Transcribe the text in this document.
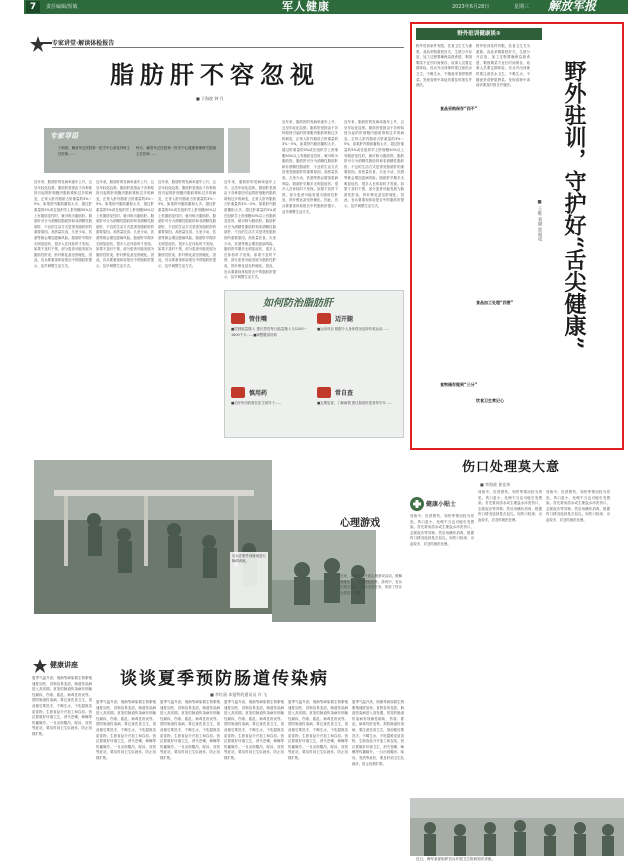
7	责任编辑/贺敏	军人健康	2023年6月28日	星期三 解放军报
专家讲堂·解读体检报告
脂肪肝不容忽视
■ 于海波 钟 月
专家导语
下海波，解放军总医院第一医学中心消化内科主任医师……
钟月，解放军总医院第一医学中心健康管理研究院副主任医师……
近年来，脂肪肝的发病率逐年上升，且呈年轻化趋势。脂肪肝是指由于各种原因引起的肝细胞内脂肪堆积过多的病变，正常人肝内脂肪占肝重量的3%～5%，如果肝内脂肪蓄积太多，超过肝重量的5%或在组织学上肝细胞50%以上有脂肪变性时，就可称为脂肪肝。脂肪肝可分为酒精性脂肪肝和非酒精性脂肪肝，不良的生活方式是诱发脂肪肝的重要原因。高热量饮食、久坐少动、饮酒等都会增加患病风险。脂肪肝早期多无明显症状，很多人在体检时才发现。如果不及时干预，部分患者可能发展为脂肪性肝炎、肝纤维化甚至肝硬化。因此，官兵要重视体检报告中的脂肪肝提示，及早调整生活方式。
近年来，脂肪肝的发病率逐年上升，且呈年轻化趋势。脂肪肝是指由于各种原因引起的肝细胞内脂肪堆积过多的病变，正常人肝内脂肪占肝重量的3%～5%，如果肝内脂肪蓄积太多，超过肝重量的5%或在组织学上肝细胞50%以上有脂肪变性时，就可称为脂肪肝。脂肪肝可分为酒精性脂肪肝和非酒精性脂肪肝，不良的生活方式是诱发脂肪肝的重要原因。高热量饮食、久坐少动、饮酒等都会增加患病风险。脂肪肝早期多无明显症状，很多人在体检时才发现。如果不及时干预，部分患者可能发展为脂肪性肝炎、肝纤维化甚至肝硬化。因此，官兵要重视体检报告中的脂肪肝提示，及早调整生活方式。
近年来，脂肪肝的发病率逐年上升，且呈年轻化趋势。脂肪肝是指由于各种原因引起的肝细胞内脂肪堆积过多的病变，正常人肝内脂肪占肝重量的3%～5%，如果肝内脂肪蓄积太多，超过肝重量的5%或在组织学上肝细胞50%以上有脂肪变性时，就可称为脂肪肝。脂肪肝可分为酒精性脂肪肝和非酒精性脂肪肝，不良的生活方式是诱发脂肪肝的重要原因。高热量饮食、久坐少动、饮酒等都会增加患病风险。脂肪肝早期多无明显症状，很多人在体检时才发现。如果不及时干预，部分患者可能发展为脂肪性肝炎、肝纤维化甚至肝硬化。因此，官兵要重视体检报告中的脂肪肝提示，及早调整生活方式。
近年来，脂肪肝的发病率逐年上升，且呈年轻化趋势。脂肪肝是指由于各种原因引起的肝细胞内脂肪堆积过多的病变，正常人肝内脂肪占肝重量的3%～5%，如果肝内脂肪蓄积太多，超过肝重量的5%或在组织学上肝细胞50%以上有脂肪变性时，就可称为脂肪肝。脂肪肝可分为酒精性脂肪肝和非酒精性脂肪肝，不良的生活方式是诱发脂肪肝的重要原因。高热量饮食、久坐少动、饮酒等都会增加患病风险。脂肪肝早期多无明显症状，很多人在体检时才发现。如果不及时干预，部分患者可能发展为脂肪性肝炎、肝纤维化甚至肝硬化。因此，官兵要重视体检报告中的脂肪肝提示，及早调整生活方式。
近年来，脂肪肝的发病率逐年上升，且呈年轻化趋势。脂肪肝是指由于各种原因引起的肝细胞内脂肪堆积过多的病变，正常人肝内脂肪占肝重量的3%～5%，如果肝内脂肪蓄积太多，超过肝重量的5%或在组织学上肝细胞50%以上有脂肪变性时，就可称为脂肪肝。脂肪肝可分为酒精性脂肪肝和非酒精性脂肪肝，不良的生活方式是诱发脂肪肝的重要原因。高热量饮食、久坐少动、饮酒等都会增加患病风险。脂肪肝早期多无明显症状，很多人在体检时才发现。如果不及时干预，部分患者可能发展为脂肪性肝炎、肝纤维化甚至肝硬化。因此，官兵要重视体检报告中的脂肪肝提示，及早调整生活方式。
近年来，脂肪肝的发病率逐年上升，且呈年轻化趋势。脂肪肝是指由于各种原因引起的肝细胞内脂肪堆积过多的病变，正常人肝内脂肪占肝重量的3%～5%，如果肝内脂肪蓄积太多，超过肝重量的5%或在组织学上肝细胞50%以上有脂肪变性时，就可称为脂肪肝。脂肪肝可分为酒精性脂肪肝和非酒精性脂肪肝，不良的生活方式是诱发脂肪肝的重要原因。高热量饮食、久坐少动、饮酒等都会增加患病风险。脂肪肝早期多无明显症状，很多人在体检时才发现。如果不及时干预，部分患者可能发展为脂肪性肝炎、肝纤维化甚至肝硬化。因此，官兵要重视体检报告中的脂肪肝提示，及早调整生活方式。
如何防治脂肪肝
管住嘴
■控制能量摄入 建议男性每日能量摄入为1200～1600千卡……■调整膳食结构
迈开腿
■运动项目 根据个人身体情况选择有氧运动……
慎用药
■治疗所用药需在医生指导下……
常自查
■定期复查，了解病情 建议脂肪肝患者每半年……
野外驻训健康谈②
野外驻训条件有限，饮食卫生尤为重要。食品采购要把好关，生熟分开存放，加工过程要确保烧熟煮透，剩饭剩菜不宜长时间保存，炊事人员要定期体检。官兵外出训练时要注意饮水卫生，不喝生水，不随意采食野果野菜。发现食物中毒症状要及时报告并就医。
野外驻训条件有限，饮食卫生尤为重要。食品采购要把好关，生熟分开存放，加工过程要确保烧熟煮透，剩饭剩菜不宜长时间保存，炊事人员要定期体检。官兵外出训练时要注意饮水卫生，不喝生水，不随意采食野果野菜。发现食物中毒症状要及时报告并就医。
食品采购保存“四不”
食品加工处理“四要”
食物储存做到“三分”
饮食卫生常记心
野外驻训，守护好“舌尖健康”
■ 王维 刘晓 郑福成
官兵在野外训练场进行障碍训练。
心理游戏
近来，某部官兵开展心理游戏活动，缓解训练压力，促进团队协作。游戏中，官兵们相互配合、共同完成任务，收获了快乐也增进了感情。
伤口处理莫大意
■ 李海波 崔佳伟
健康小贴士
训练中，皮肤擦伤、划伤等情况较为常见。伤口虽小，处理不当也可能引发感染。首先要用清水或生理盐水冲洗伤口，去除泥沙等异物；然后用碘伏消毒，根据伤口情况选择是否包扎。如伤口较深、出血较多，应及时就医处理。
训练中，皮肤擦伤、划伤等情况较为常见。伤口虽小，处理不当也可能引发感染。首先要用清水或生理盐水冲洗伤口，去除泥沙等异物；然后用碘伏消毒，根据伤口情况选择是否包扎。如伤口较深、出血较多，应及时就医处理。
训练中，皮肤擦伤、划伤等情况较为常见。伤口虽小，处理不当也可能引发感染。首先要用清水或生理盐水冲洗伤口，去除泥沙等异物；然后用碘伏消毒，根据伤口情况选择是否包扎。如伤口较深、出血较多，应及时就医处理。
健康讲座
谈谈夏季预防肠道传染病
■ 李红丽 本报特约通讯员 许 飞
夏季气温升高，细菌等病原微生物繁殖速度加快，食物容易变质，肠道传染病进入高发期。常见的肠道传染病有细菌性痢疾、伤寒、霍乱、病毒性肝炎等。预防肠道传染病，要注意饮食卫生，饭前便后要洗手，不喝生水，不吃腐败变质食物，生熟食品分开加工和存放。营区要做好环境卫生，消灭苍蝇、蟑螂等传播媒介。一旦出现腹泻、呕吐、发热等症状，要及时到卫生队就诊，防止疫情扩散。
夏季气温升高，细菌等病原微生物繁殖速度加快，食物容易变质，肠道传染病进入高发期。常见的肠道传染病有细菌性痢疾、伤寒、霍乱、病毒性肝炎等。预防肠道传染病，要注意饮食卫生，饭前便后要洗手，不喝生水，不吃腐败变质食物，生熟食品分开加工和存放。营区要做好环境卫生，消灭苍蝇、蟑螂等传播媒介。一旦出现腹泻、呕吐、发热等症状，要及时到卫生队就诊，防止疫情扩散。
夏季气温升高，细菌等病原微生物繁殖速度加快，食物容易变质，肠道传染病进入高发期。常见的肠道传染病有细菌性痢疾、伤寒、霍乱、病毒性肝炎等。预防肠道传染病，要注意饮食卫生，饭前便后要洗手，不喝生水，不吃腐败变质食物，生熟食品分开加工和存放。营区要做好环境卫生，消灭苍蝇、蟑螂等传播媒介。一旦出现腹泻、呕吐、发热等症状，要及时到卫生队就诊，防止疫情扩散。
夏季气温升高，细菌等病原微生物繁殖速度加快，食物容易变质，肠道传染病进入高发期。常见的肠道传染病有细菌性痢疾、伤寒、霍乱、病毒性肝炎等。预防肠道传染病，要注意饮食卫生，饭前便后要洗手，不喝生水，不吃腐败变质食物，生熟食品分开加工和存放。营区要做好环境卫生，消灭苍蝇、蟑螂等传播媒介。一旦出现腹泻、呕吐、发热等症状，要及时到卫生队就诊，防止疫情扩散。
夏季气温升高，细菌等病原微生物繁殖速度加快，食物容易变质，肠道传染病进入高发期。常见的肠道传染病有细菌性痢疾、伤寒、霍乱、病毒性肝炎等。预防肠道传染病，要注意饮食卫生，饭前便后要洗手，不喝生水，不吃腐败变质食物，生熟食品分开加工和存放。营区要做好环境卫生，消灭苍蝇、蟑螂等传播媒介。一旦出现腹泻、呕吐、发热等症状，要及时到卫生队就诊，防止疫情扩散。
夏季气温升高，细菌等病原微生物繁殖速度加快，食物容易变质，肠道传染病进入高发期。常见的肠道传染病有细菌性痢疾、伤寒、霍乱、病毒性肝炎等。预防肠道传染病，要注意饮食卫生，饭前便后要洗手，不喝生水，不吃腐败变质食物，生熟食品分开加工和存放。营区要做好环境卫生，消灭苍蝇、蟑螂等传播媒介。一旦出现腹泻、呕吐、发热等症状，要及时到卫生队就诊，防止疫情扩散。
近日，海军某部组织官兵开展卫生防病知识讲座。
